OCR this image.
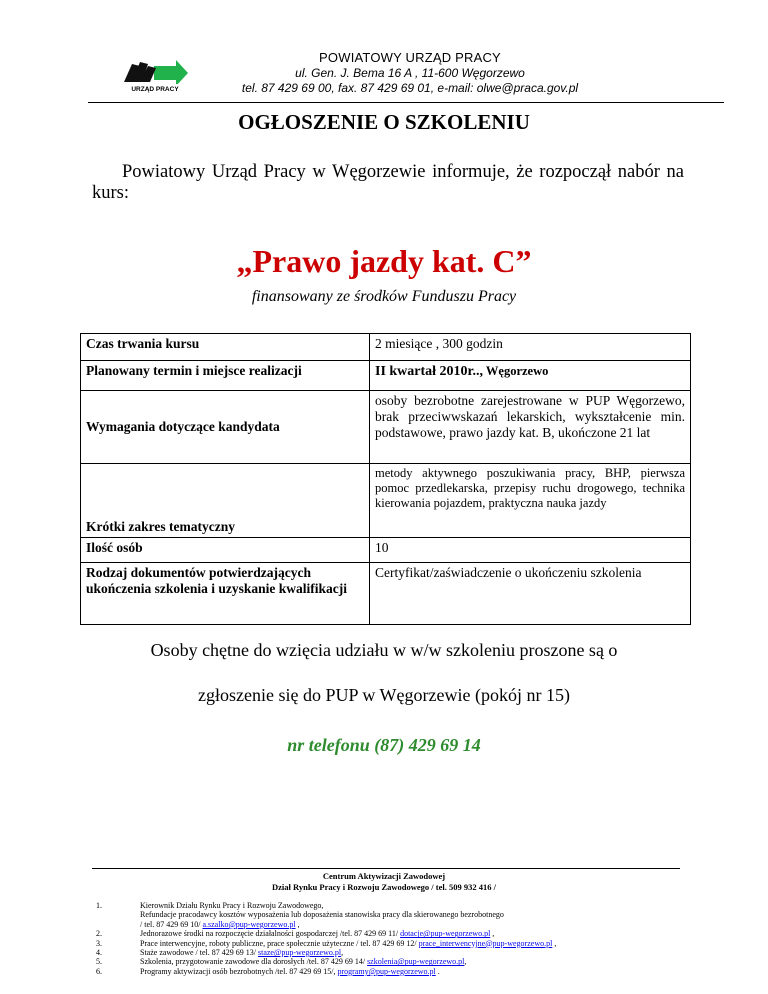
URZĄD PRACY
POWIATOWY URZĄD PRACY
ul. Gen. J. Bema 16 A , 11-600 Węgorzewo
tel. 87 429 69 00, fax. 87 429 69 01, e-mail: olwe@praca.gov.pl
OGŁOSZENIE O SZKOLENIU
Powiatowy Urząd Pracy w Węgorzewie informuje, że rozpoczął nabór na kurs:
„Prawo jazdy kat. C”
finansowany ze środków Funduszu Pracy
Czas trwania kursu	2 miesiące , 300 godzin
Planowany termin i miejsce realizacji	II kwartał 2010r.., Węgorzewo
Wymagania dotyczące kandydata	osoby bezrobotne zarejestrowane w PUP Węgorzewo, brak przeciwwskazań lekarskich, wykształcenie min. podstawowe, prawo jazdy kat. B, ukończone 21 lat
Krótki zakres tematyczny	metody aktywnego poszukiwania pracy, BHP, pierwsza pomoc przedlekarska, przepisy ruchu drogowego, technika kierowania pojazdem, praktyczna nauka jazdy
Ilość osób	10
Rodzaj dokumentów potwierdzających ukończenia szkolenia i uzyskanie kwalifikacji	Certyfikat/zaświadczenie o ukończeniu szkolenia
Osoby chętne do wzięcia udziału w w/w szkoleniu proszone są o
zgłoszenie się do PUP w Węgorzewie (pokój nr 15)
nr telefonu (87) 429 69 14
Centrum Aktywizacji Zawodowej
Dział Rynku Pracy i Rozwoju Zawodowego / tel. 509 932 416 /
1.	Kierownik Działu Rynku Pracy i Rozwoju Zawodowego,
Refundacje pracodawcy kosztów wyposażenia lub doposażenia stanowiska pracy dla skierowanego bezrobotnego
/ tel. 87 429 69 10/ a.szalko@pup-wegorzewo.pl ,
2.	Jednorazowe środki na rozpoczęcie działalności gospodarczej /tel. 87 429 69 11/ dotacje@pup-wegorzewo.pl ,
3.	Prace interwencyjne, roboty publiczne, prace społecznie użyteczne / tel. 87 429 69 12/ prace_interwencyjne@pup-wegorzewo.pl ,
4.	Staże zawodowe / tel. 87 429 69 13/ staze@pup-wegorzewo.pl,
5.	Szkolenia, przygotowanie zawodowe dla dorosłych /tel. 87 429 69 14/ szkolenia@pup-wegorzewo.pl,
6.	Programy aktywizacji osób bezrobotnych /tel. 87 429 69 15/, programy@pup-wegorzewo.pl .
